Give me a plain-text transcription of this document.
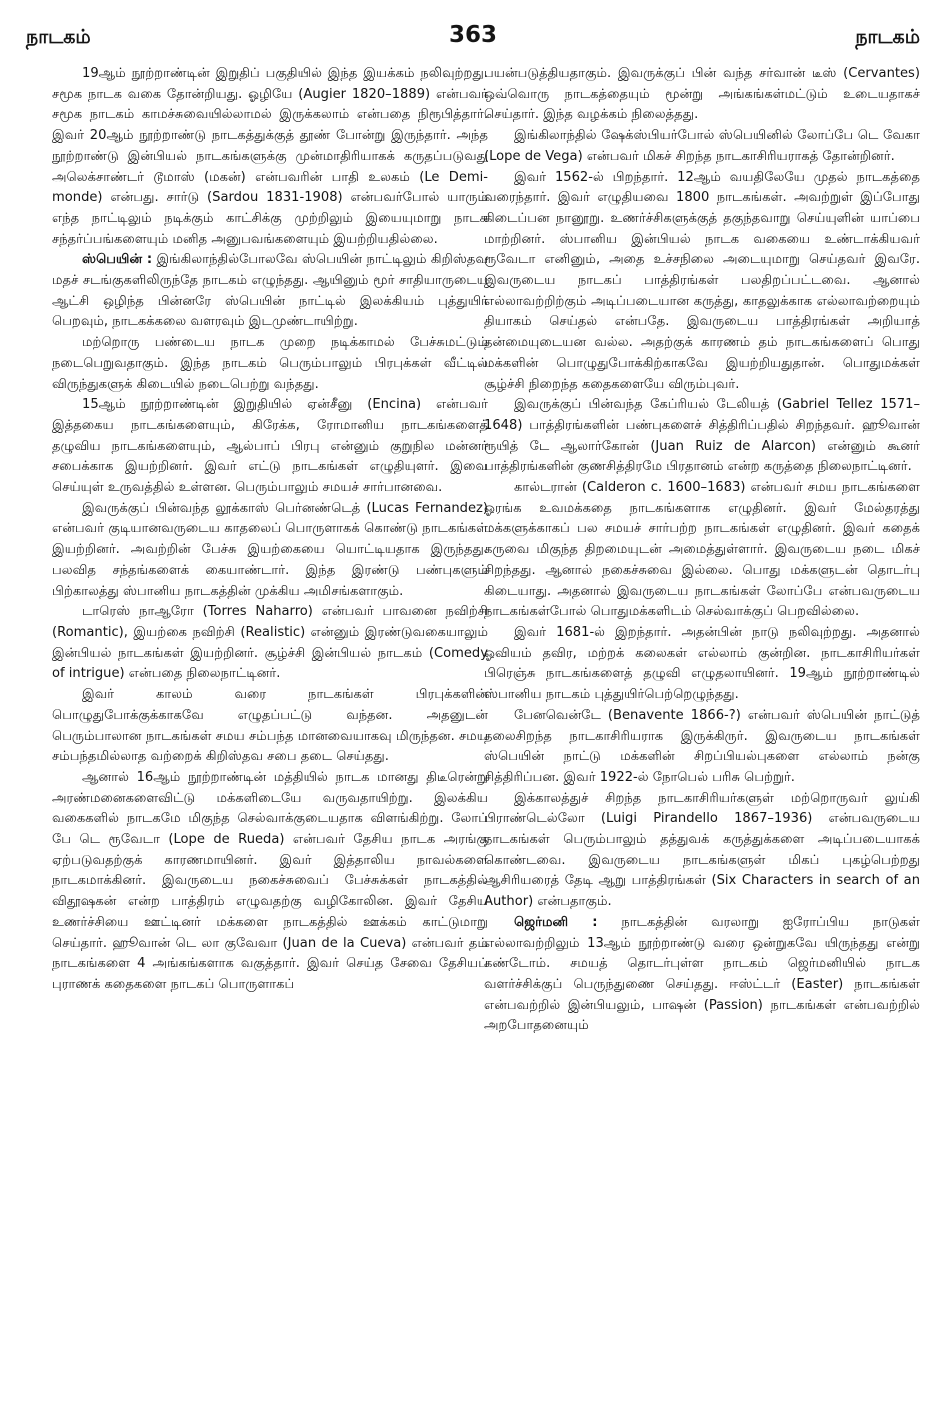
நாடகம்	363	நாடகம்

19ஆம் நூற்றாண்டின் இறுதிப் பகுதியில் இந்த இயக்கம் நலிவுற்றது. சமூக நாடக வகை தோன்றியது. ஓழியே (Augier 1820–1889) என்பவர் சமூக நாடகம் காமச்சுவையில்லாமல் இருக்கலாம் என்பதை நிரூபித்தார். இவர் 20ஆம் நூற்றாண்டு நாடகத்துக்குத் தூண் போன்று இருந்தார். அந்த நூற்றாண்டு இன்பியல் நாடகங்களுக்கு முன்மாதிரியாகக் கருதப்படுவது அலெக்சாண்டர் டூமாஸ் (மகன்) என்பவரின் பாதி உலகம் (Le Demi-monde) என்பது. சார்டு (Sardou 1831-1908) என்பவர்போல் யாரும் எந்த நாட்டிலும் நடிக்கும் காட்சிக்கு முற்றிலும் இயையுமாறு நாடக சந்தர்ப்பங்களையும் மனித அனுபவங்களையும் இயற்றியதில்லை.

ஸ்பெயின் : இங்கிலாந்தில்போலவே ஸ்பெயின் நாட்டிலும் கிறிஸ்தவ மதச் சடங்குகளிலிருந்தே நாடகம் எழுந்தது. ஆயினும் மூர் சாதியாருடைய ஆட்சி ஒழிந்த பின்னரே ஸ்பெயின் நாட்டில் இலக்கியம் புத்துயிர் பெறவும், நாடகக்கலை வளரவும் இடமுண்டாயிற்று.

மற்றொரு பண்டைய நாடக முறை நடிக்காமல் பேச்சுமட்டும் நடைபெறுவதாகும். இந்த நாடகம் பெரும்பாலும் பிரபுக்கள் வீட்டில் விருந்துகளுக் கிடையில் நடைபெற்று வந்தது.

15ஆம் நூற்றாண்டின் இறுதியில் ஏன்சீனு (Encina) என்பவர் இத்தகைய நாடகங்களையும், கிரேக்க, ரோமானிய நாடகங்களைத் தழுவிய நாடகங்களையும், ஆல்பாப் பிரபு என்னும் குறுநில மன்னர் சபைக்காக இயற்றினர். இவர் எட்டு நாடகங்கள் எழுதியுளர். இவை செய்யுள் உருவத்தில் உள்ளன. பெரும்பாலும் சமயச் சார்பானவை.

இவருக்குப் பின்வந்த லூக்காஸ் பெர்னண்டெத் (Lucas Fernandez) என்பவர் குடியானவருடைய காதலைப் பொருளாகக் கொண்டு நாடகங்கள் இயற்றினர். அவற்றின் பேச்சு இயற்கையை யொட்டியதாக இருந்தது. பலவித சந்தங்களைக் கையாண்டார். இந்த இரண்டு பண்புகளும் பிற்காலத்து ஸ்பானிய நாடகத்தின் முக்கிய அமிசங்களாகும்.

டாரெஸ் நாஆரோ (Torres Naharro) என்பவர் பாவனை நவிற்சி (Romantic), இயற்கை நவிற்சி (Realistic) என்னும் இரண்டுவகையாலும் இன்பியல் நாடகங்கள் இயற்றினர். சூழ்ச்சி இன்பியல் நாடகம் (Comedy of intrigue) என்பதை நிலைநாட்டினர்.

இவர் காலம் வரை நாடகங்கள் பிரபுக்களின் பொழுதுபோக்குக்காகவே எழுதப்பட்டு வந்தன. அதனுடன் பெரும்பாலான நாடகங்கள் சமய சம்பந்த மானவையாகவு மிருந்தன. சமய சம்பந்தமில்லாத வற்றைக் கிறிஸ்தவ சபை தடை செய்தது.

ஆனால் 16ஆம் நூற்றாண்டின் மத்தியில் நாடக மானது திடீரென்று அரண்மனைகளைவிட்டு மக்களிடையே வருவதாயிற்று. இலக்கிய வகைகளில் நாடகமே மிகுந்த செல்வாக்குடையதாக விளங்கிற்று. லோப் பே டெ ரூவேடா (Lope de Rueda) என்பவர் தேசிய நாடக அரங்கு ஏற்படுவதற்குக் காரணமாயினர். இவர் இத்தாலிய நாவல்களை நாடகமாக்கினர். இவருடைய நகைச்சுவைப் பேச்சுக்கள் நாடகத்தில் விதூஷகன் என்ற பாத்திரம் எழுவதற்கு வழிகோலின. இவர் தேசிய உணர்ச்சியை ஊட்டினர் மக்களை நாடகத்தில் ஊக்கம் காட்டுமாறு செய்தார். ஹூவான் டெ லா குவேவா (Juan de la Cueva) என்பவர் தம் நாடகங்களை 4 அங்கங்களாக வகுத்தார். இவர் செய்த சேவை தேசியப் புராணக் கதைகளை நாடகப் பொருளாகப்

பயன்படுத்தியதாகும். இவருக்குப் பின் வந்த சர்வான் டீஸ் (Cervantes) ஒவ்வொரு நாடகத்தையும் மூன்று அங்கங்கள்மட்டும் உடையதாகச் செய்தார். இந்த வழக்கம் நிலைத்தது.

இங்கிலாந்தில் ஷேக்ஸ்பியர்போல் ஸ்பெயினில் லோப்பே டெ வேகா (Lope de Vega) என்பவர் மிகச் சிறந்த நாடகாசிரியராகத் தோன்றினர்.

இவர் 1562-ல் பிறந்தார். 12ஆம் வயதிலேயே முதல் நாடகத்தை வரைந்தார். இவர் எழுதியவை 1800 நாடகங்கள். அவற்றுள் இப்போது கிடைப்பன நானூறு. உணர்ச்சிகளுக்குத் தகுந்தவாறு செய்யுளின் யாப்பை மாற்றினர். ஸ்பானிய இன்பியல் நாடக வகையை உண்டாக்கியவர் ரூவேடா எனினும், அதை உச்சநிலை அடையுமாறு செய்தவர் இவரே. இவருடைய நாடகப் பாத்திரங்கள் பலதிறப்பட்டவை. ஆனால் எல்லாவற்றிற்கும் அடிப்படையான கருத்து, காதலுக்காக எல்லாவற்றையும் தியாகம் செய்தல் என்பதே. இவருடைய பாத்திரங்கள் அறியாத் தன்மையுடையன வல்ல. அதற்குக் காரணம் தம் நாடகங்களைப் பொது மக்களின் பொழுதுபோக்கிற்காகவே இயற்றியதுதான். பொதுமக்கள் சூழ்ச்சி நிறைந்த கதைகளையே விரும்புவர்.

இவருக்குப் பின்வந்த கேப்ரியல் டேலியத் (Gabriel Tellez 1571–1648) பாத்திரங்களின் பண்புகளைச் சித்திரிப்பதில் சிறந்தவர். ஹூவான் ரூயித் டே ஆலார்கோன் (Juan Ruiz de Alarcon) என்னும் கூனர் பாத்திரங்களின் குணசித்திரமே பிரதானம் என்ற கருத்தை நிலைநாட்டினர்.

கால்டரான் (Calderon c. 1600–1683) என்பவர் சமய நாடகங்களை ஓரங்க உவமக்கதை நாடகங்களாக எழுதினர். இவர் மேல்தரத்து மக்களுக்காகப் பல சமயச் சார்பற்ற நாடகங்கள் எழுதினர். இவர் கதைக் கருவை மிகுந்த திறமையுடன் அமைத்துள்ளார். இவருடைய நடை மிகச் சிறந்தது. ஆனால் நகைச்சுவை இல்லை. பொது மக்களுடன் தொடர்பு கிடையாது. அதனால் இவருடைய நாடகங்கள் லோப்பே என்பவருடைய நாடகங்கள்போல் பொதுமக்களிடம் செல்வாக்குப் பெறவில்லை.

இவர் 1681-ல் இறந்தார். அதன்பின் நாடு நலிவுற்றது. அதனால் ஓவியம் தவிர, மற்றக் கலைகள் எல்லாம் குன்றின. நாடகாசிரியர்கள் பிரெஞ்சு நாடகங்களைத் தழுவி எழுதலாயினர். 19ஆம் நூற்றாண்டில் ஸ்பானிய நாடகம் புத்துயிர்பெற்றெழுந்தது.

பேனவென்டே (Benavente 1866-?) என்பவர் ஸ்பெயின் நாட்டுத் தலைசிறந்த நாடகாசிரியராக இருக்கிருர். இவருடைய நாடகங்கள் ஸ்பெயின் நாட்டு மக்களின் சிறப்பியல்புகளை எல்லாம் நன்கு சித்திரிப்பன. இவர் 1922-ல் நோபெல் பரிசு பெற்றுர்.

இக்காலத்துச் சிறந்த நாடகாசிரியர்களுள் மற்றொருவர் லுய்கி பிராண்டெல்லோ (Luigi Pirandello 1867–1936) என்பவருடைய நாடகங்கள் பெரும்பாலும் தத்துவக் கருத்துக்களை அடிப்படையாகக் கொண்டவை. இவருடைய நாடகங்களுள் மிகப் புகழ்பெற்றது ஆசிரியரைத் தேடி ஆறு பாத்திரங்கள் (Six Characters in search of an Author) என்பதாகும்.

ஜெர்மனி : நாடகத்தின் வரலாறு ஐரோப்பிய நாடுகள் எல்லாவற்றிலும் 13ஆம் நூற்றாண்டு வரை ஒன்றுகவே யிருந்தது என்று கண்டோம். சமயத் தொடர்புள்ள நாடகம் ஜெர்மனியில் நாடக வளர்ச்சிக்குப் பெருந்துணை செய்தது. ஈஸ்ட்டர் (Easter) நாடகங்கள் என்பவற்றில் இன்பியலும், பாஷன் (Passion) நாடகங்கள் என்பவற்றில் அறபோதனையும்
